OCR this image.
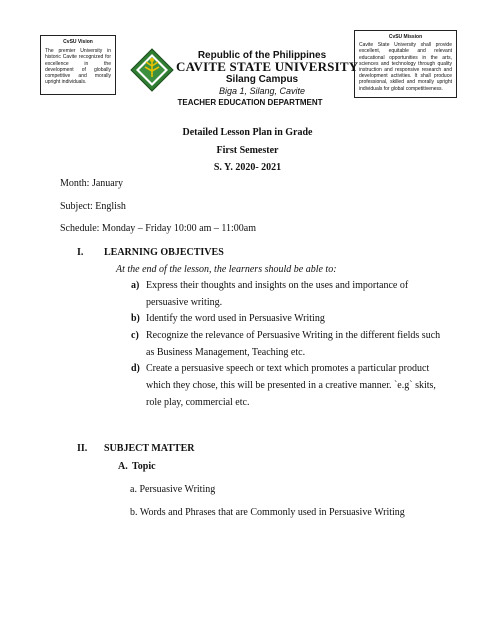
CvSU Vision
The premier University in historic Cavite recognized for excellence in the development of globally competitive and morally upright individuals.
CvSU Mission
Cavite State University shall provide excellent, equitable and relevant educational opportunities in the arts, sciences and technology through quality instruction and responsive research and development activities. It shall produce professional, skilled and morally upright individuals for global competitiveness.
Republic of the Philippines
CAVITE STATE UNIVERSITY
Silang Campus
Biga 1, Silang, Cavite
TEACHER EDUCATION DEPARTMENT
Detailed Lesson Plan in Grade
First Semester
S. Y. 2020- 2021
Month: January
Subject: English
Schedule: Monday – Friday 10:00 am – 11:00am
I. LEARNING OBJECTIVES
At the end of the lesson, the learners should be able to:
a) Express their thoughts and insights on the uses and importance of
persuasive writing.
b) Identify the word used in Persuasive Writing
c) Recognize the relevance of Persuasive Writing in the different fields such
as Business Management, Teaching etc.
d) Create a persuasive speech or text which promotes a particular product
which they chose, this will be presented in a creative manner. `e.g` skits,
role play, commercial etc.
II. SUBJECT MATTER
A. Topic
a. Persuasive Writing
b. Words and Phrases that are Commonly used in Persuasive Writing
